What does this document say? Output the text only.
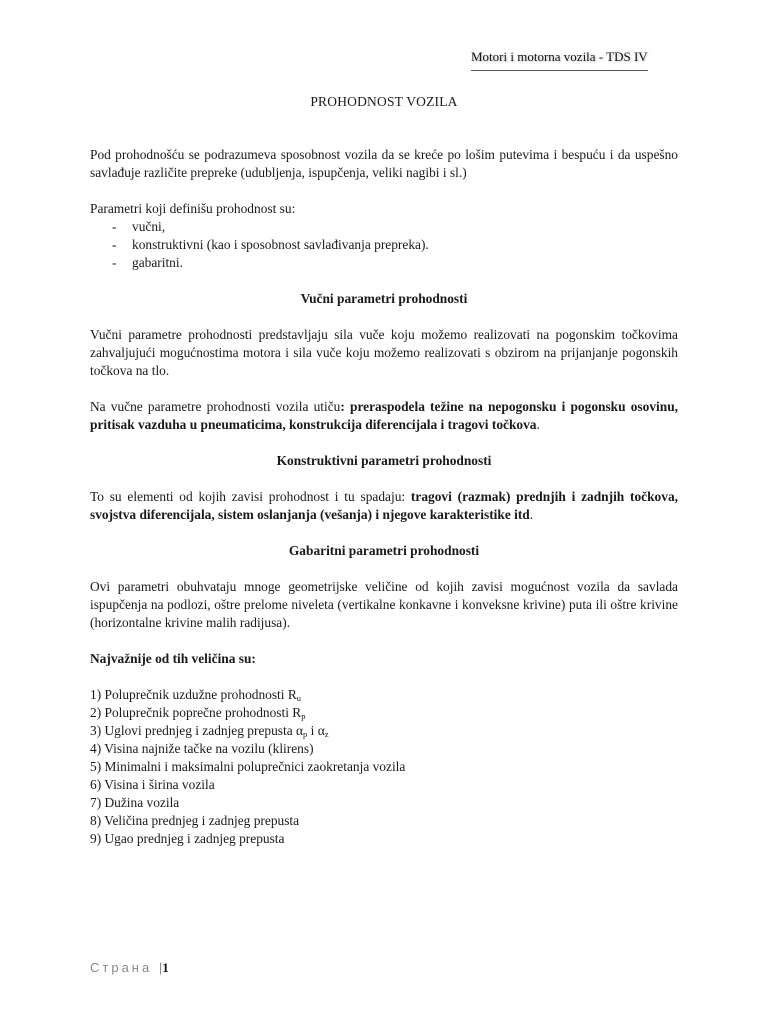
Motori i motorna vozila - TDS IV
PROHODNOST VOZILA

Pod prohodnošću se podrazumeva sposobnost vozila da se kreće po lošim putevima i bespuću i da uspešno savlađuje različite prepreke (udubljenja, ispupčenja, veliki nagibi i sl.)

Parametri koji definišu prohodnost su:

- vučni,
- konstruktivni (kao i sposobnost savlađivanja prepreka).
- gabaritni.

Vučni parametri prohodnosti

Vučni parametre prohodnosti predstavljaju sila vuče koju možemo realizovati na pogonskim točkovima zahvaljujući mogućnostima motora i sila vuče koju možemo realizovati s obzirom na prijanjanje pogonskih točkova na tlo.

Na vučne parametre prohodnosti vozila utiču: preraspodela težine na nepogonsku i pogonsku osovinu, pritisak vazduha u pneumaticima, konstrukcija diferencijala i tragovi točkova.

Konstruktivni parametri prohodnosti

To su elementi od kojih zavisi prohodnost i tu spadaju: tragovi (razmak) prednjih i zadnjih točkova, svojstva diferencijala, sistem oslanjanja (vešanja) i njegove karakteristike itd.

Gabaritni parametri prohodnosti

Ovi parametri obuhvataju mnoge geometrijske veličine od kojih zavisi mogućnost vozila da savlada ispupčenja na podlozi, oštre prelome niveleta (vertikalne konkavne i konveksne krivine) puta ili oštre krivine (horizontalne krivine malih radijusa).

Najvažnije od tih veličina su:

1) Poluprečnik uzdužne prohodnosti $R_u$
2) Poluprečnik poprečne prohodnosti $R_p$
3) Uglovi prednjeg i zadnjeg prepusta $\alpha_p$ i $\alpha_z$
4) Visina najniže tačke na vozilu (klirens)
5) Minimalni i maksimalni poluprečnici zaokretanja vozila
6) Visina i širina vozila
7) Dužina vozila
8) Veličina prednjeg i zadnjeg prepusta
9) Ugao prednjeg i zadnjeg prepusta
Страна |1
